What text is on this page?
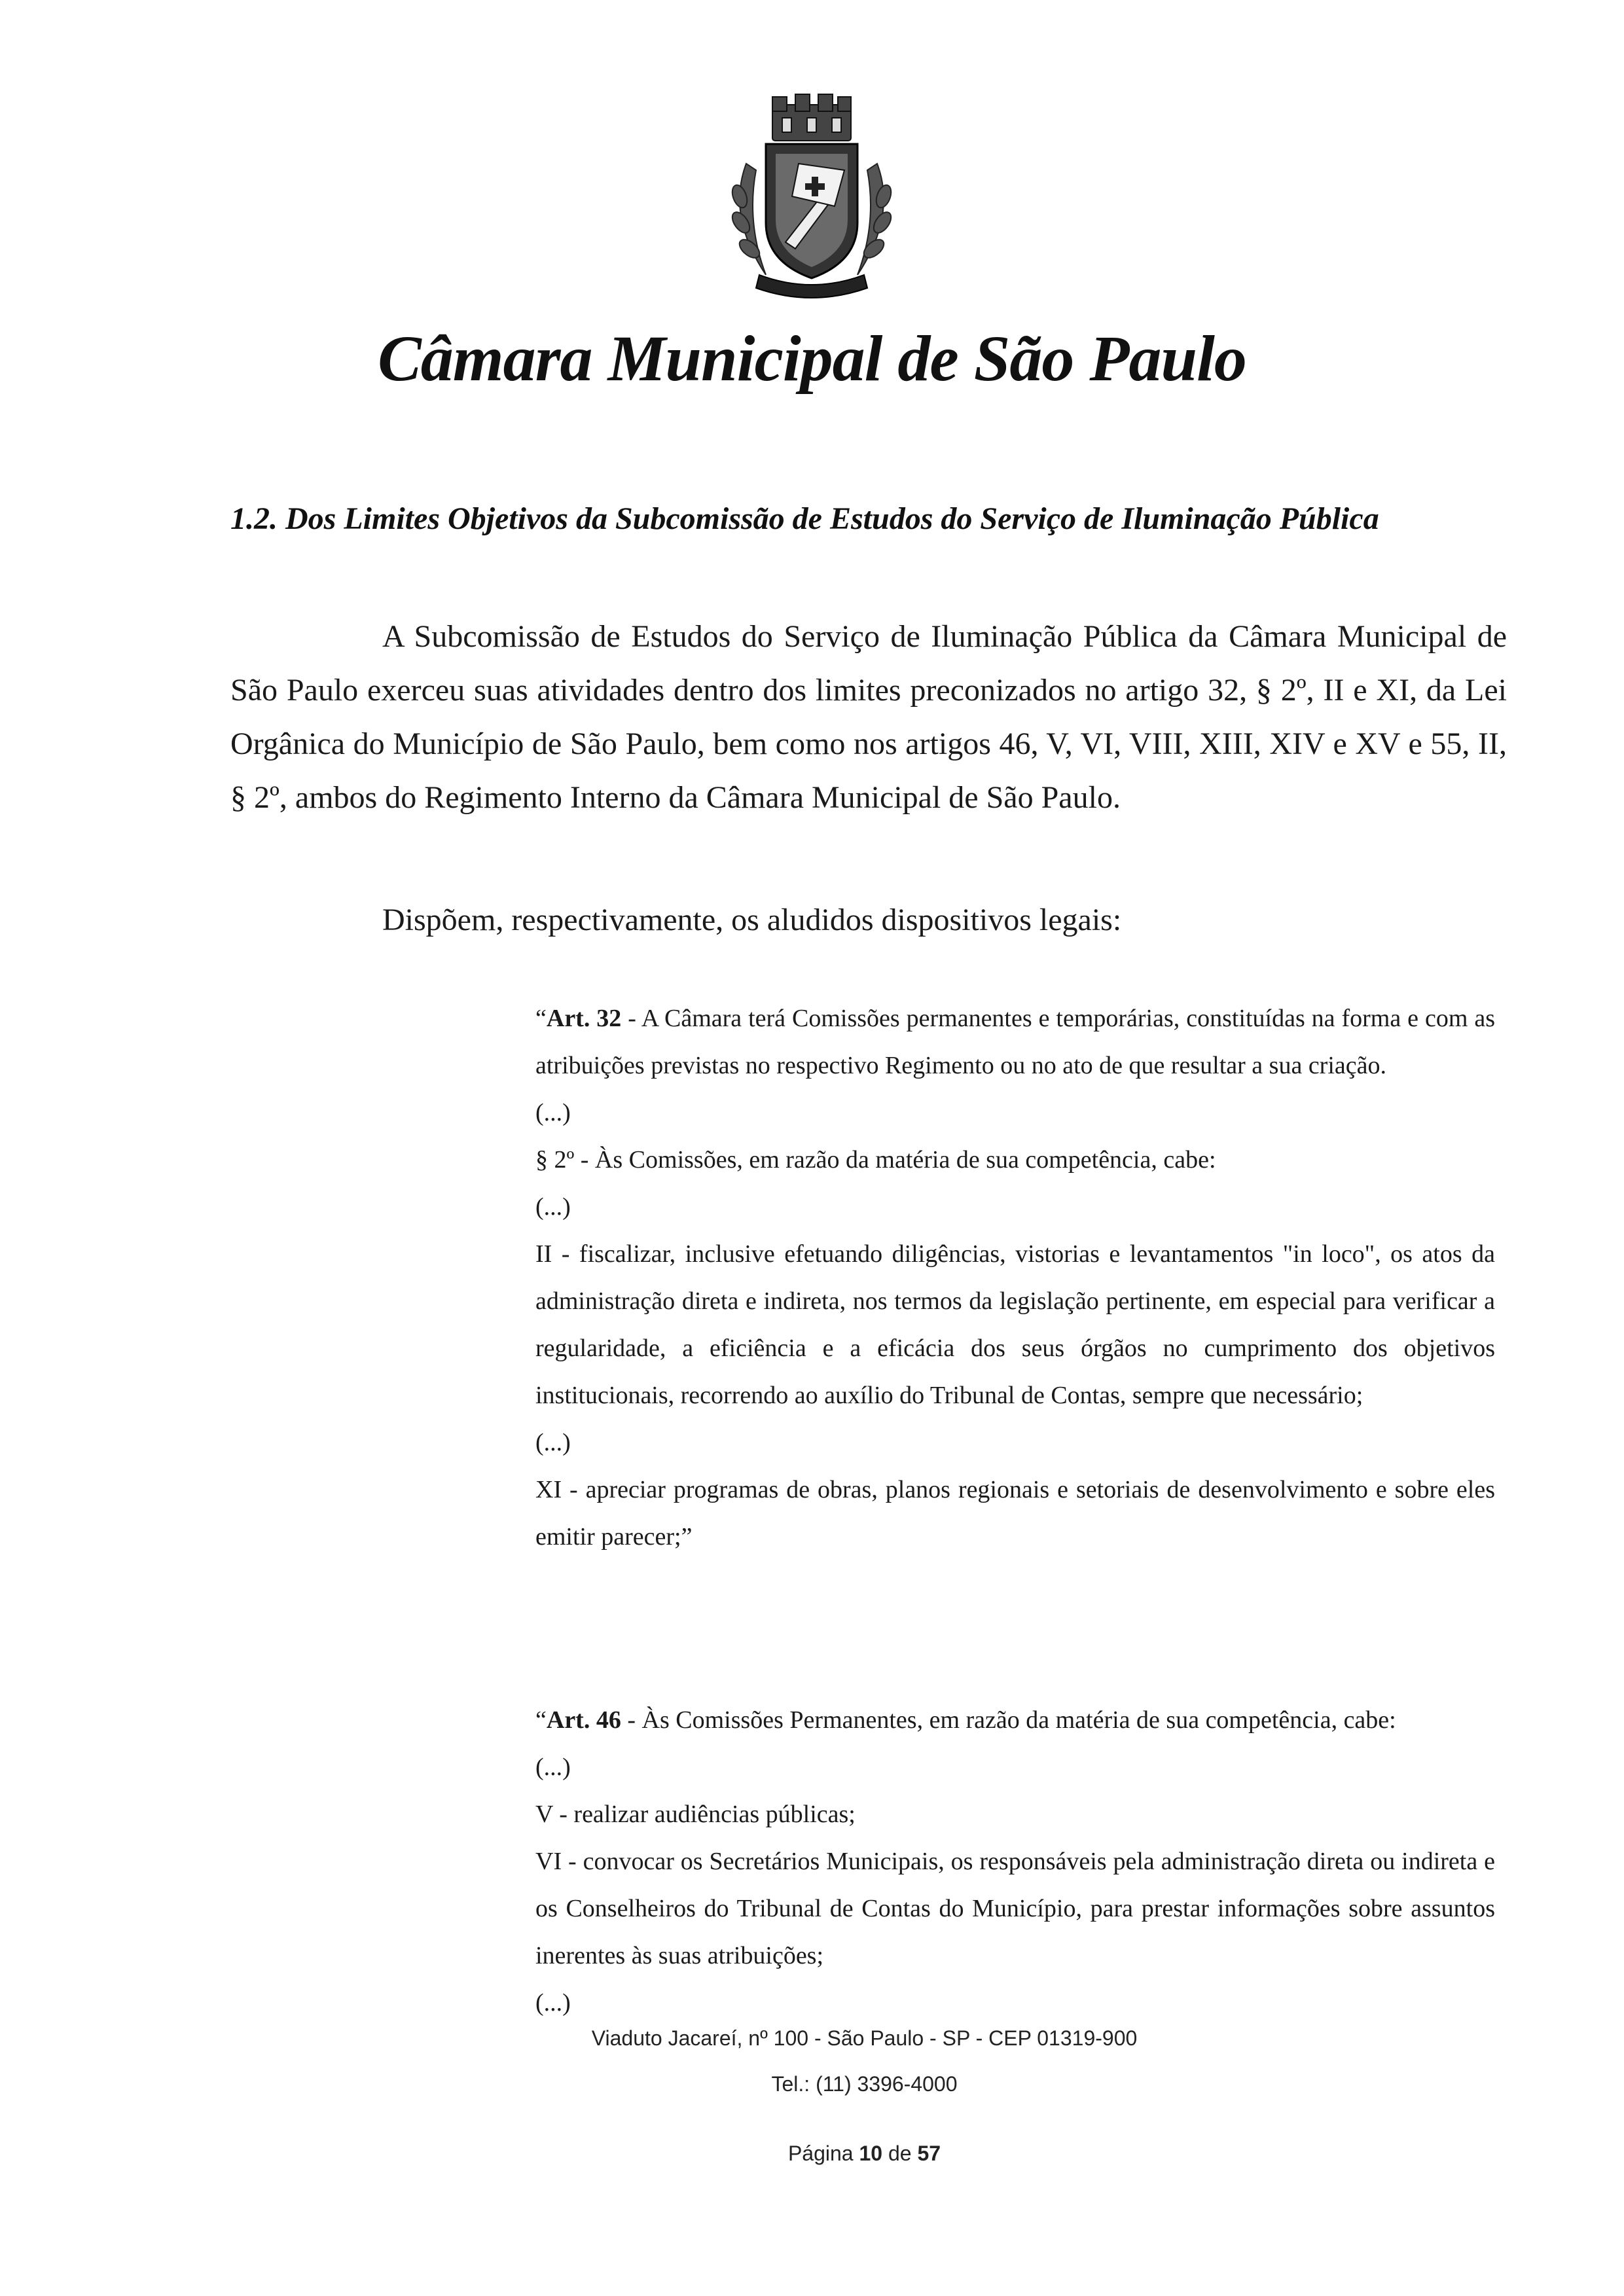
Câmara Municipal de São Paulo
1.2. Dos Limites Objetivos da Subcomissão de Estudos do Serviço de Iluminação Pública

A Subcomissão de Estudos do Serviço de Iluminação Pública da Câmara Municipal de São Paulo exerceu suas atividades dentro dos limites preconizados no artigo 32, § 2º, II e XI, da Lei Orgânica do Município de São Paulo, bem como nos artigos 46, V, VI, VIII, XIII, XIV e XV e 55, II, § 2º, ambos do Regimento Interno da Câmara Municipal de São Paulo.

Dispõem, respectivamente, os aludidos dispositivos legais:

“Art. 32 - A Câmara terá Comissões permanentes e temporárias, constituídas na forma e com as atribuições previstas no respectivo Regimento ou no ato de que resultar a sua criação.

(...)

§ 2º - Às Comissões, em razão da matéria de sua competência, cabe:

(...)

II - fiscalizar, inclusive efetuando diligências, vistorias e levantamentos "in loco", os atos da administração direta e indireta, nos termos da legislação pertinente, em especial para verificar a regularidade, a eficiência e a eficácia dos seus órgãos no cumprimento dos objetivos institucionais, recorrendo ao auxílio do Tribunal de Contas, sempre que necessário;

(...)

XI - apreciar programas de obras, planos regionais e setoriais de desenvolvimento e sobre eles emitir parecer;”

“Art. 46 - Às Comissões Permanentes, em razão da matéria de sua competência, cabe:

(...)

V - realizar audiências públicas;

VI - convocar os Secretários Municipais, os responsáveis pela administração direta ou indireta e os Conselheiros do Tribunal de Contas do Município, para prestar informações sobre assuntos inerentes às suas atribuições;

(...)

Viaduto Jacareí, nº 100 - São Paulo - SP - CEP 01319-900
Tel.: (11) 3396-4000
Página 10 de 57
